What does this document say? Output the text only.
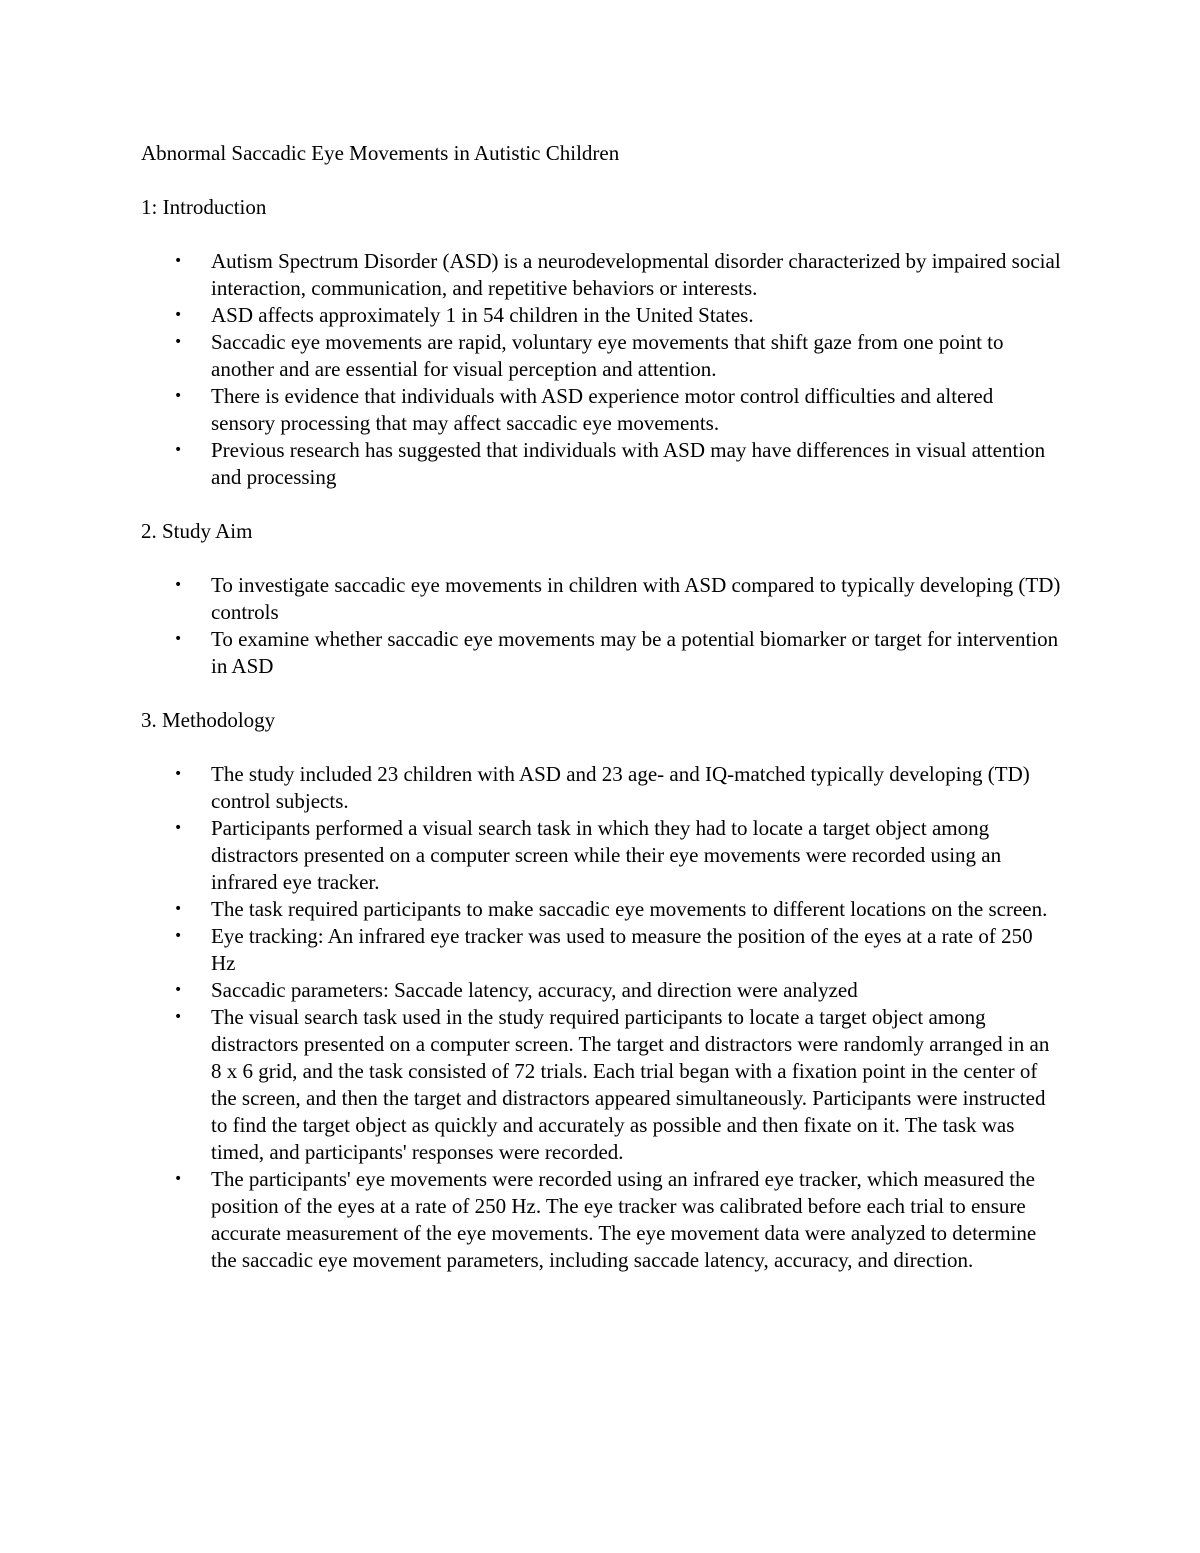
Abnormal Saccadic Eye Movements in Autistic Children

1: Introduction

• Autism Spectrum Disorder (ASD) is a neurodevelopmental disorder characterized by impaired social interaction, communication, and repetitive behaviors or interests.
• ASD affects approximately 1 in 54 children in the United States.
• Saccadic eye movements are rapid, voluntary eye movements that shift gaze from one point to another and are essential for visual perception and attention.
• There is evidence that individuals with ASD experience motor control difficulties and altered sensory processing that may affect saccadic eye movements.
• Previous research has suggested that individuals with ASD may have differences in visual attention and processing

2. Study Aim

• To investigate saccadic eye movements in children with ASD compared to typically developing (TD) controls
• To examine whether saccadic eye movements may be a potential biomarker or target for intervention in ASD

3. Methodology

• The study included 23 children with ASD and 23 age- and IQ-matched typically developing (TD) control subjects.
• Participants performed a visual search task in which they had to locate a target object among distractors presented on a computer screen while their eye movements were recorded using an infrared eye tracker.
• The task required participants to make saccadic eye movements to different locations on the screen.
• Eye tracking: An infrared eye tracker was used to measure the position of the eyes at a rate of 250 Hz
• Saccadic parameters: Saccade latency, accuracy, and direction were analyzed
• The visual search task used in the study required participants to locate a target object among distractors presented on a computer screen. The target and distractors were randomly arranged in an 8 x 6 grid, and the task consisted of 72 trials. Each trial began with a fixation point in the center of the screen, and then the target and distractors appeared simultaneously. Participants were instructed to find the target object as quickly and accurately as possible and then fixate on it. The task was timed, and participants' responses were recorded.
• The participants' eye movements were recorded using an infrared eye tracker, which measured the position of the eyes at a rate of 250 Hz. The eye tracker was calibrated before each trial to ensure accurate measurement of the eye movements. The eye movement data were analyzed to determine the saccadic eye movement parameters, including saccade latency, accuracy, and direction.
